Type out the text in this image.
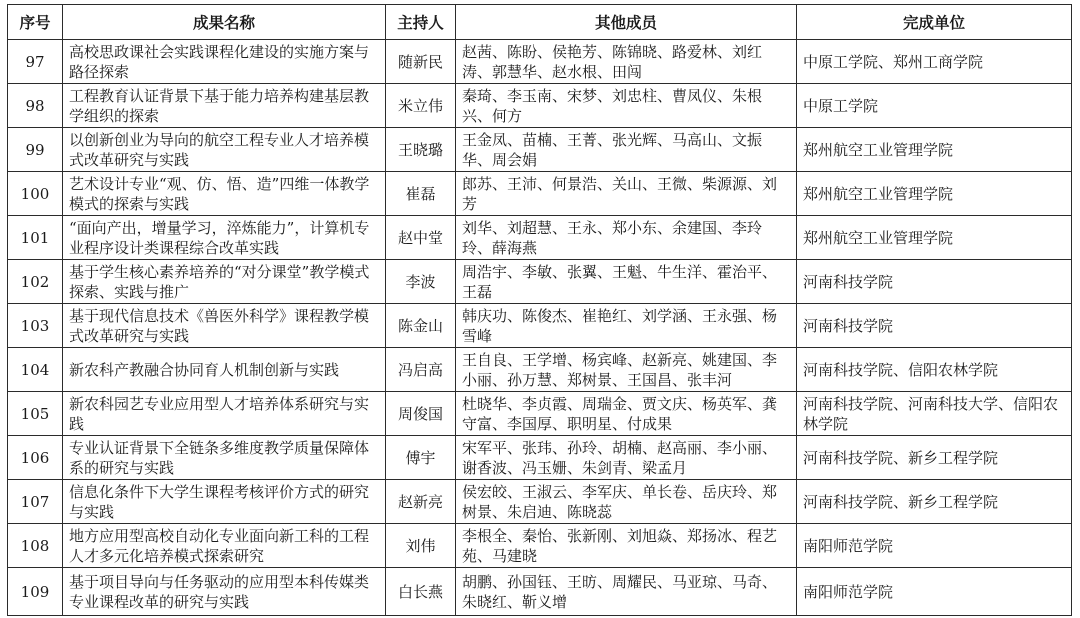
序号	成果名称	主持人	其他成员	完成单位
97	高校思政课社会实践课程化建设的实施方案与路径探索	随新民	赵茜、陈盼、侯艳芳、陈锦晓、路爱林、刘红涛、郭慧华、赵水根、田闯	中原工学院、郑州工商学院
98	工程教育认证背景下基于能力培养构建基层教学组织的探索	米立伟	秦琦、李玉南、宋梦、刘忠柱、曹凤仪、朱根兴、何方	中原工学院
99	以创新创业为导向的航空工程专业人才培养模式改革研究与实践	王晓璐	王金凤、苗楠、王菁、张光辉、马高山、文振华、周会娟	郑州航空工业管理学院
100	艺术设计专业“观、仿、悟、造”四维一体教学模式的探索与实践	崔磊	郎苏、王沛、何景浩、关山、王微、柴源源、刘芳	郑州航空工业管理学院
101	“面向产出，增量学习，淬炼能力”，计算机专业程序设计类课程综合改革实践	赵中堂	刘华、刘超慧、王永、郑小东、余建国、李玲玲、薛海燕	郑州航空工业管理学院
102	基于学生核心素养培养的“对分课堂”教学模式探索、实践与推广	李波	周浩宇、李敏、张翼、王魁、牛生洋、霍治平、王磊	河南科技学院
103	基于现代信息技术《兽医外科学》课程教学模式改革研究与实践	陈金山	韩庆功、陈俊杰、崔艳红、刘学涵、王永强、杨雪峰	河南科技学院
104	新农科产教融合协同育人机制创新与实践	冯启高	王自良、王学增、杨宾峰、赵新亮、姚建国、李小丽、孙万慧、郑树景、王国昌、张丰河	河南科技学院、信阳农林学院
105	新农科园艺专业应用型人才培养体系研究与实践	周俊国	杜晓华、李贞霞、周瑞金、贾文庆、杨英军、龚守富、李国厚、职明星、付成果	河南科技学院、河南科技大学、信阳农林学院
106	专业认证背景下全链条多维度教学质量保障体系的研究与实践	傅宇	宋军平、张玮、孙玲、胡楠、赵高丽、李小丽、谢香波、冯玉姗、朱剑青、梁孟月	河南科技学院、新乡工程学院
107	信息化条件下大学生课程考核评价方式的研究与实践	赵新亮	侯宏皎、王淑云、李军庆、单长卷、岳庆玲、郑树景、朱启迪、陈晓蕊	河南科技学院、新乡工程学院
108	地方应用型高校自动化专业面向新工科的工程人才多元化培养模式探索研究	刘伟	李根全、秦怡、张新刚、刘旭焱、郑扬冰、程艺苑、马建晓	南阳师范学院
109	基于项目导向与任务驱动的应用型本科传媒类专业课程改革的研究与实践	白长燕	胡鹏、孙国钰、王昉、周耀民、马亚琼、马奇、朱晓红、靳义增	南阳师范学院
